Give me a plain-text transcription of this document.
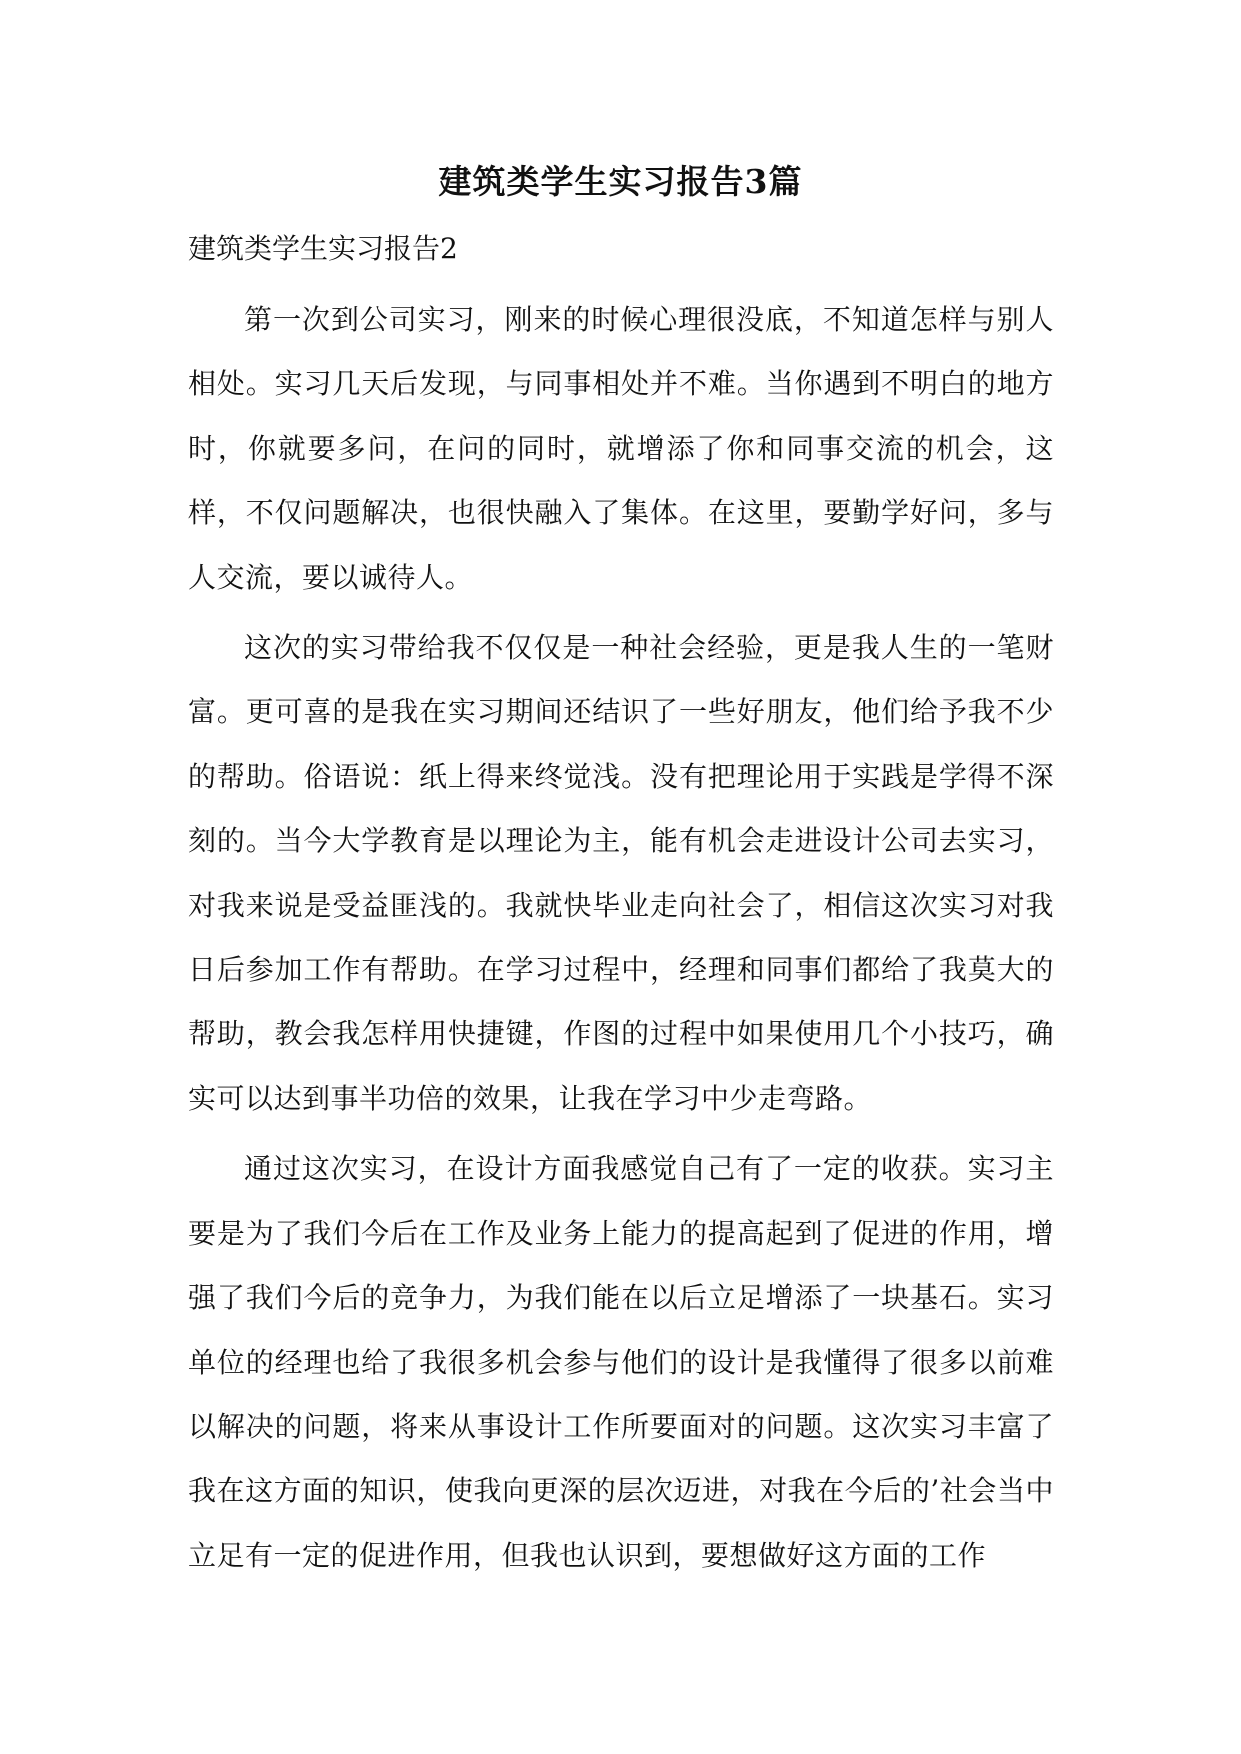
建筑类学生实习报告3篇
建筑类学生实习报告2

第一次到公司实习，刚来的时候心理很没底，不知道怎样与别人相处。实习几天后发现，与同事相处并不难。当你遇到不明白的地方时，你就要多问，在问的同时，就增添了你和同事交流的机会，这样，不仅问题解决，也很快融入了集体。在这里，要勤学好问，多与人交流，要以诚待人。

这次的实习带给我不仅仅是一种社会经验，更是我人生的一笔财富。更可喜的是我在实习期间还结识了一些好朋友，他们给予我不少的帮助。俗语说：纸上得来终觉浅。没有把理论用于实践是学得不深刻的。当今大学教育是以理论为主，能有机会走进设计公司去实习，对我来说是受益匪浅的。我就快毕业走向社会了，相信这次实习对我日后参加工作有帮助。在学习过程中，经理和同事们都给了我莫大的帮助，教会我怎样用快捷键，作图的过程中如果使用几个小技巧，确实可以达到事半功倍的效果，让我在学习中少走弯路。

通过这次实习，在设计方面我感觉自己有了一定的收获。实习主要是为了我们今后在工作及业务上能力的提高起到了促进的作用，增强了我们今后的竞争力，为我们能在以后立足增添了一块基石。实习单位的经理也给了我很多机会参与他们的设计是我懂得了很多以前难以解决的问题，将来从事设计工作所要面对的问题。这次实习丰富了我在这方面的知识，使我向更深的层次迈进，对我在今后的’社会当中立足有一定的促进作用，但我也认识到，要想做好这方面的工作
